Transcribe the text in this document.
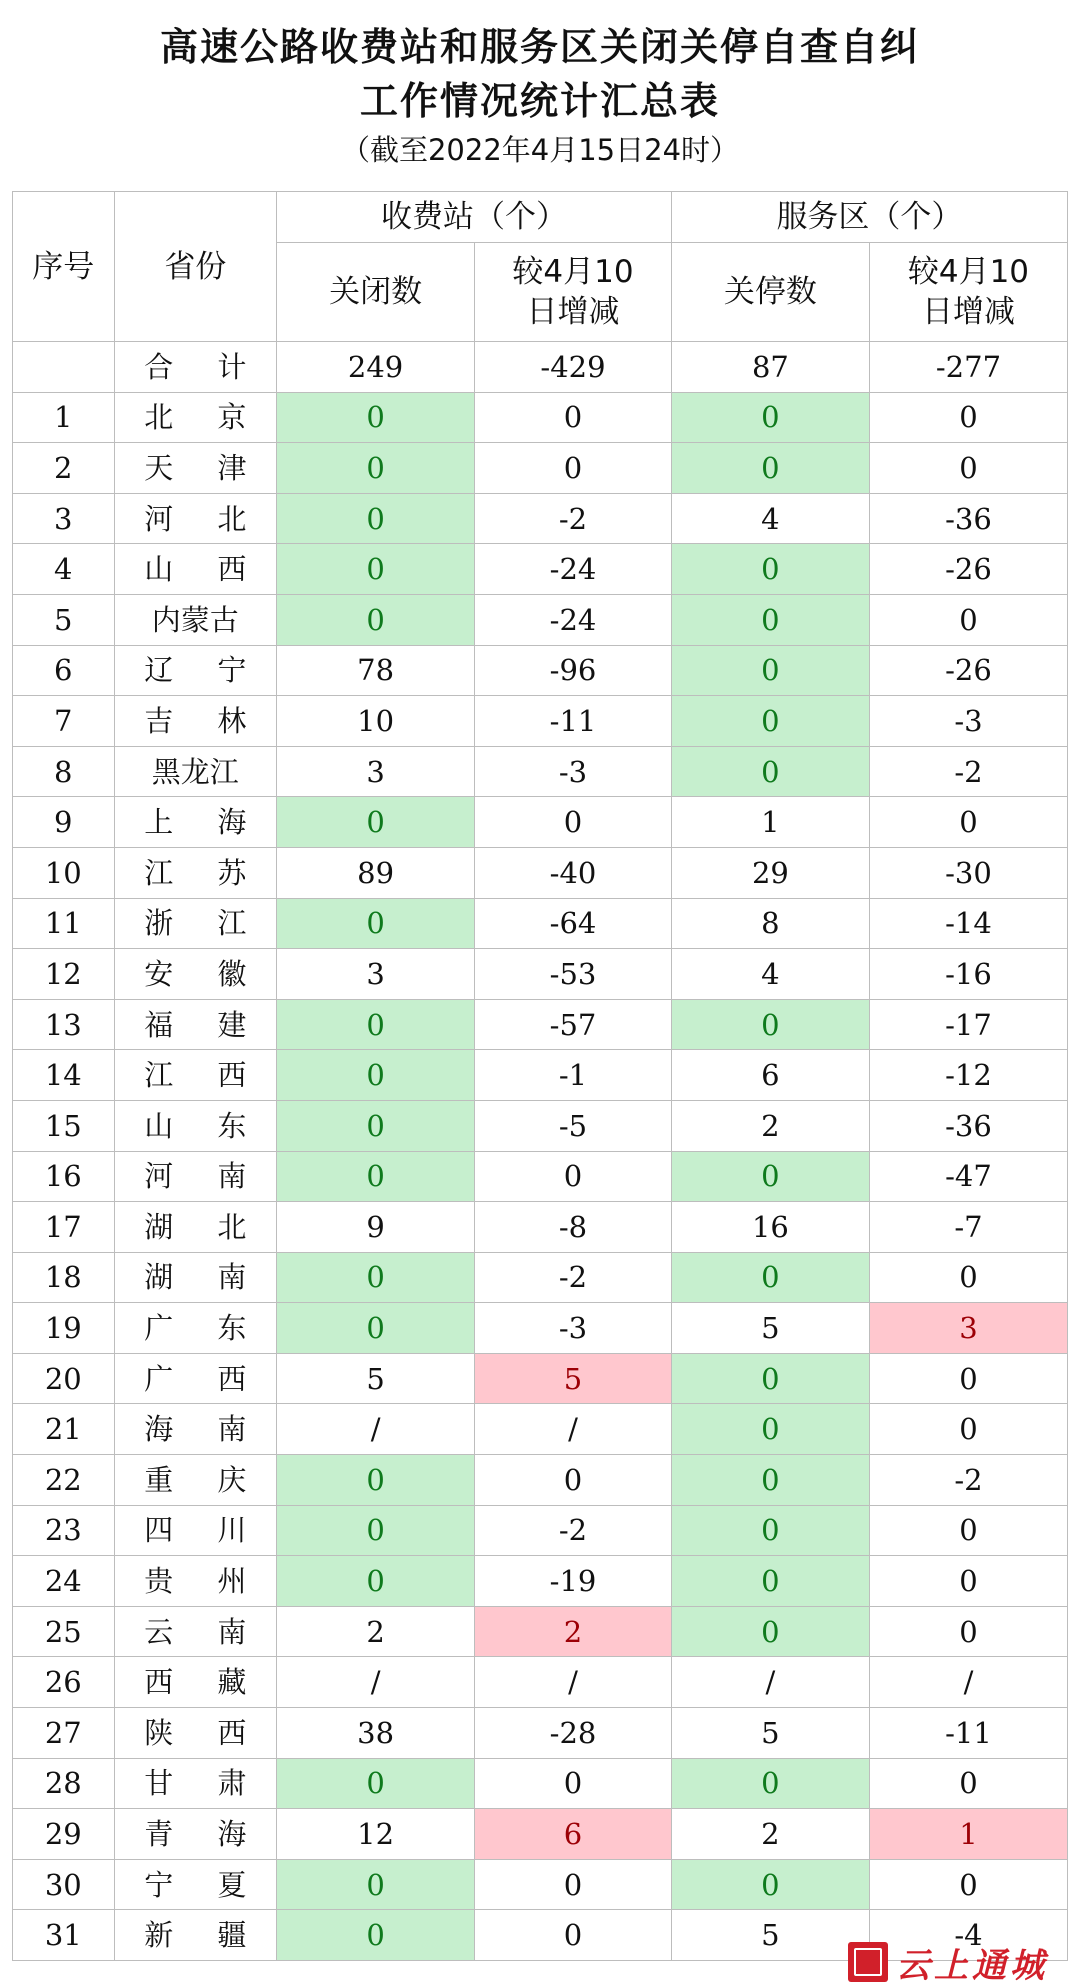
高速公路收费站和服务区关闭关停自查自纠
工作情况统计汇总表
（截至2022年4月15日24时）
序号	省份	收费站（个）		服务区（个）	
		关闭数	较4月10日增减	关停数	较4月10日增减
	合 计	249	-429	87	-277
1	北 京	0	0	0	0
2	天 津	0	0	0	0
3	河 北	0	-2	4	-36
4	山 西	0	-24	0	-26
5	内蒙古	0	-24	0	0
6	辽 宁	78	-96	0	-26
7	吉 林	10	-11	0	-3
8	黑龙江	3	-3	0	-2
9	上 海	0	0	1	0
10	江 苏	89	-40	29	-30
11	浙 江	0	-64	8	-14
12	安 徽	3	-53	4	-16
13	福 建	0	-57	0	-17
14	江 西	0	-1	6	-12
15	山 东	0	-5	2	-36
16	河 南	0	0	0	-47
17	湖 北	9	-8	16	-7
18	湖 南	0	-2	0	0
19	广 东	0	-3	5	3
20	广 西	5	5	0	0
21	海 南	/	/	0	0
22	重 庆	0	0	0	-2
23	四 川	0	-2	0	0
24	贵 州	0	-19	0	0
25	云 南	2	2	0	0
26	西 藏	/	/	/	/
27	陕 西	38	-28	5	-11
28	甘 肃	0	0	0	0
29	青 海	12	6	2	1
30	宁 夏	0	0	0	0
31	新 疆	0	0	5	-4
云上通城
